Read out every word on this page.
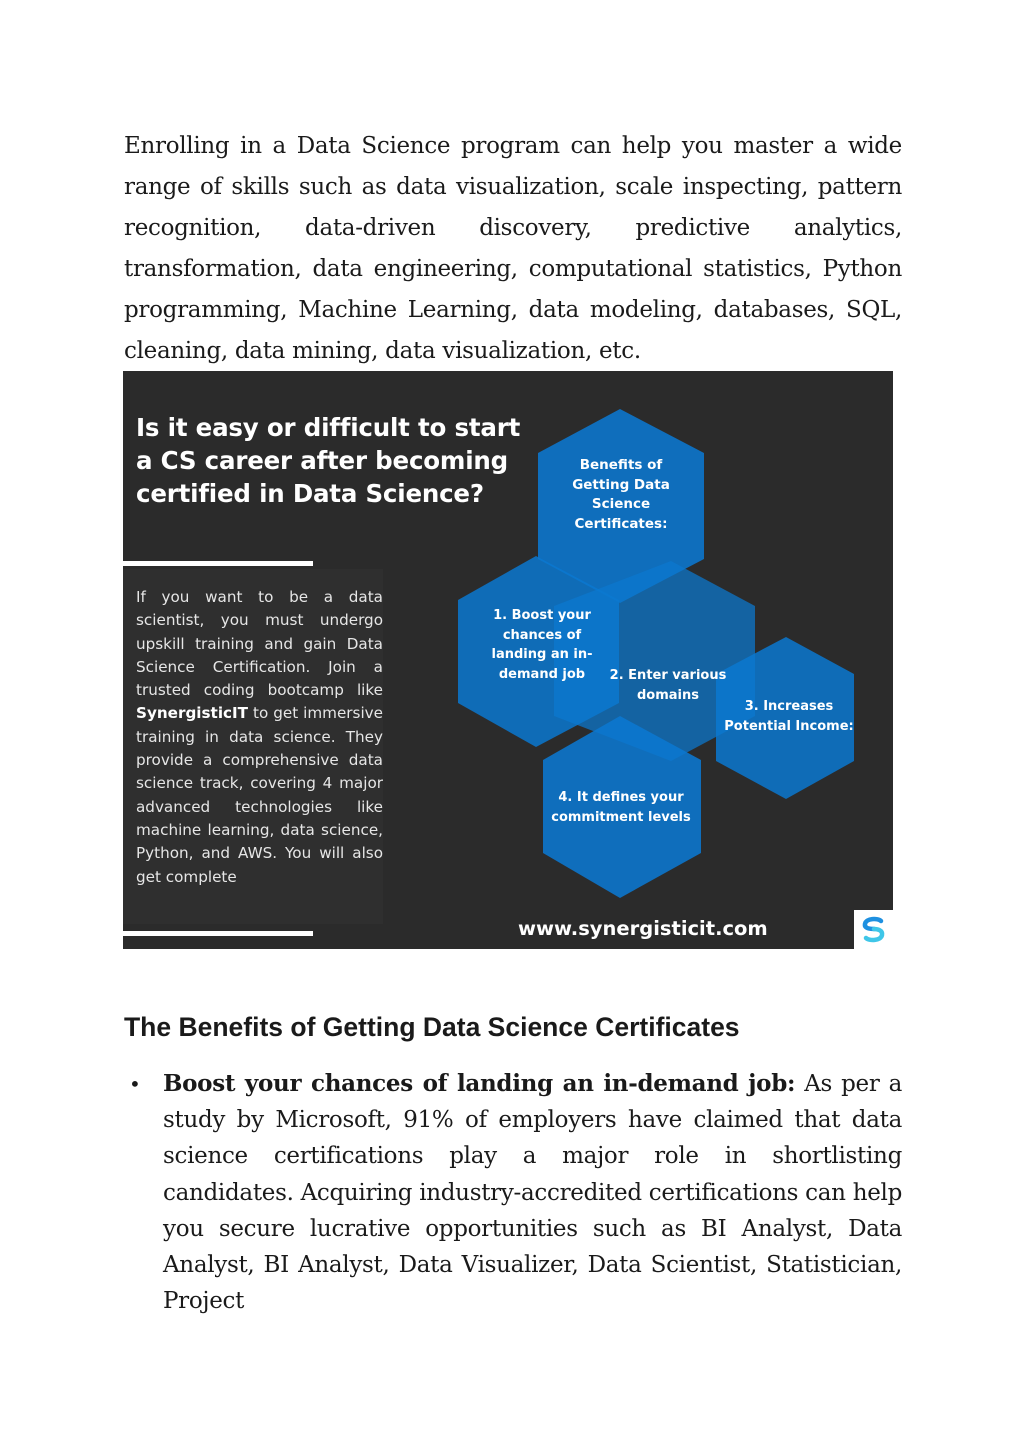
Enrolling in a Data Science program can help you master a wide range of skills such as data visualization, scale inspecting, pattern recognition, data-driven discovery, predictive analytics, transformation, data engineering, computational statistics, Python programming, Machine Learning, data modeling, databases, SQL, cleaning, data mining, data visualization, etc.

Is it easy or difficult to start
a CS career after becoming
certified in Data Science?

If you want to be a data scientist, you must undergo upskill training and gain Data Science Certification. Join a trusted coding bootcamp like SynergisticIT to get immersive training in data science. They provide a comprehensive data science track, covering 4 major advanced technologies like machine learning, data science, Python, and AWS. You will also get complete

Benefits of
Getting Data
Science
Certificates:
1. Boost your
chances of
landing an in-
demand job	2. Enter various
domains
3. Increases
Potential Income:
4. It defines your
commitment levels

www.synergisticit.com

The Benefits of Getting Data Science Certificates
• Boost your chances of landing an in-demand job: As per a study by Microsoft, 91% of employers have claimed that data science certifications play a major role in shortlisting candidates. Acquiring industry-accredited certifications can help you secure lucrative opportunities such as BI Analyst, Data Analyst, BI Analyst, Data Visualizer, Data Scientist, Statistician, Project
